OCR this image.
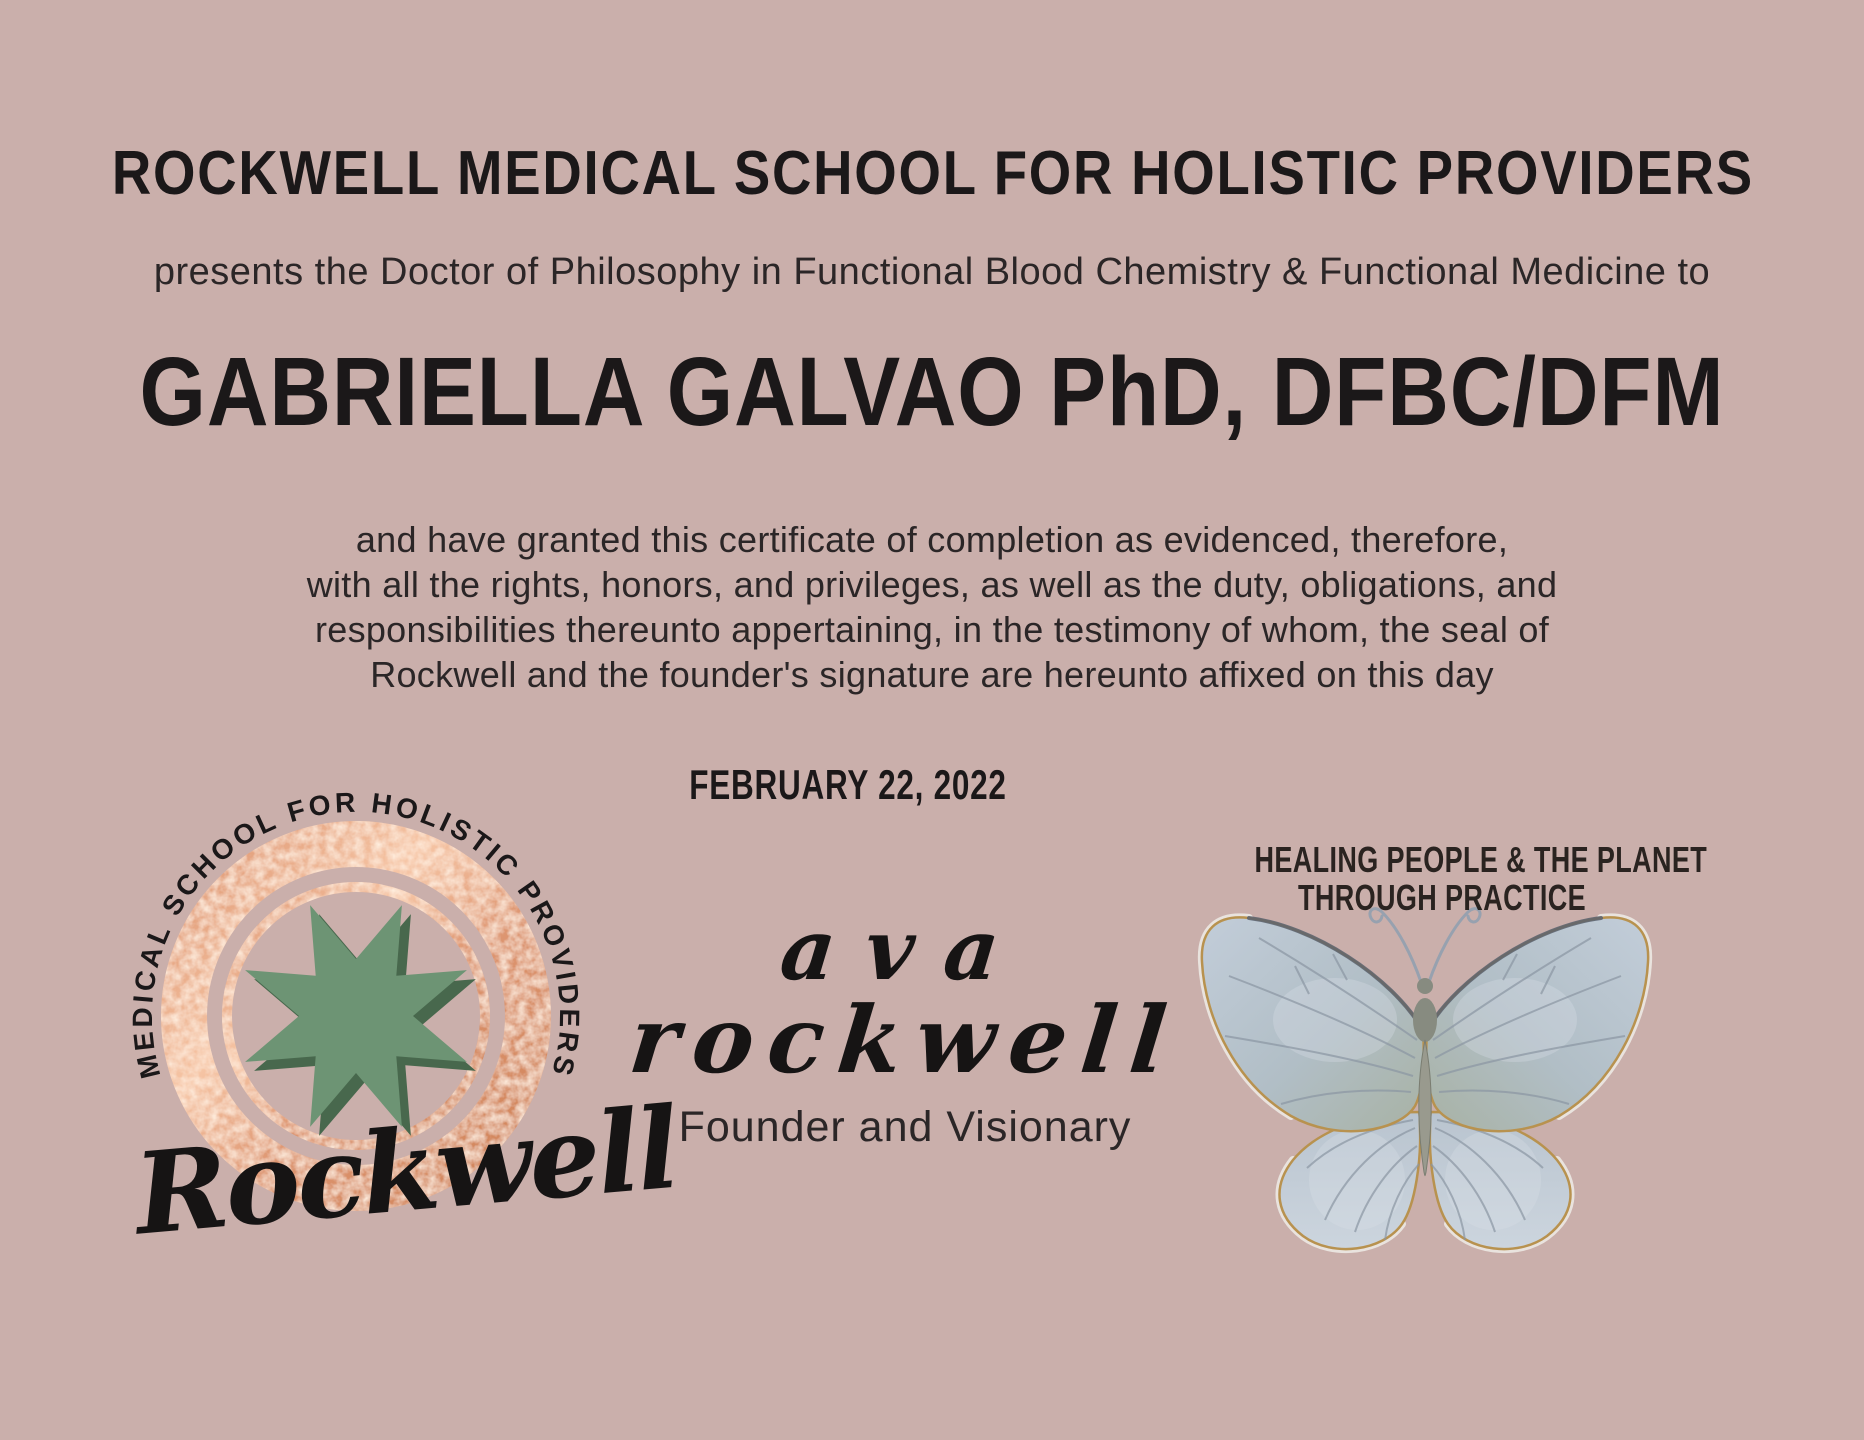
ROCKWELL MEDICAL SCHOOL FOR HOLISTIC PROVIDERS
presents the Doctor of Philosophy in Functional Blood Chemistry & Functional Medicine to
GABRIELLA GALVAO PhD, DFBC/DFM
and have granted this certificate of completion as evidenced, therefore,
with all the rights, honors, and privileges, as well as the duty, obligations, and
responsibilities thereunto appertaining, in the testimony of whom, the seal of
Rockwell and the founder's signature are hereunto affixed on this day
FEBRUARY 22, 2022
MEDICAL SCHOOL FOR HOLISTIC PROVIDERS
Rockwell
ava
rockwell
Founder and Visionary
HEALING PEOPLE & THE PLANET
THROUGH PRACTICE
